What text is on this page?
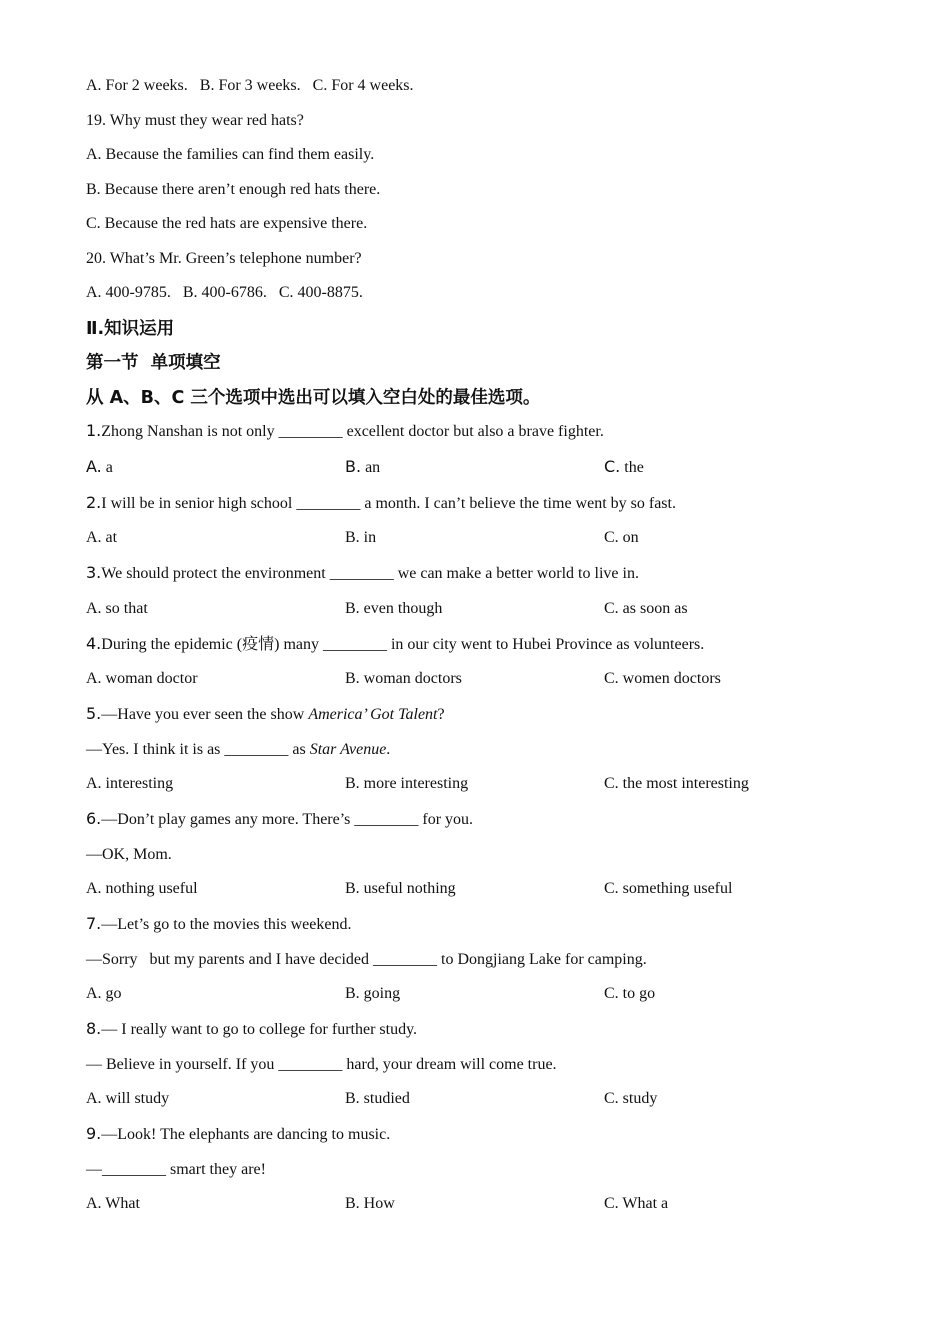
A. For 2 weeks.   B. For 3 weeks.   C. For 4 weeks.
19. Why must they wear red hats?
A. Because the families can find them easily.
B. Because there aren’t enough red hats there.
C. Because the red hats are expensive there.
20. What’s Mr. Green’s telephone number?
A. 400-9785.   B. 400-6786.   C. 400-8875.
Ⅱ.知识运用
第一节  单项填空
从 A、B、C 三个选项中选出可以填入空白处的最佳选项。
1.Zhong Nanshan is not only ________ excellent doctor but also a brave fighter.
A. a	B. an	C. the
2.I will be in senior high school ________ a month. I can’t believe the time went by so fast.
A. at	B. in	C. on
3.We should protect the environment ________ we can make a better world to live in.
A. so that	B. even though	C. as soon as
4.During the epidemic (疫情) many ________ in our city went to Hubei Province as volunteers.
A. woman doctor	B. woman doctors	C. women doctors
5.—Have you ever seen the show America’ Got Talent?
—Yes. I think it is as ________ as Star Avenue.
A. interesting	B. more interesting	C. the most interesting
6.—Don’t play games any more. There’s ________ for you.
—OK, Mom.
A. nothing useful	B. useful nothing	C. something useful
7.—Let’s go to the movies this weekend.
—Sorry   but my parents and I have decided ________ to Dongjiang Lake for camping.
A. go	B. going	C. to go
8.— I really want to go to college for further study.
— Believe in yourself. If you ________ hard, your dream will come true.
A. will study	B. studied	C. study
9.—Look! The elephants are dancing to music.
—________ smart they are!
A. What	B. How	C. What a
